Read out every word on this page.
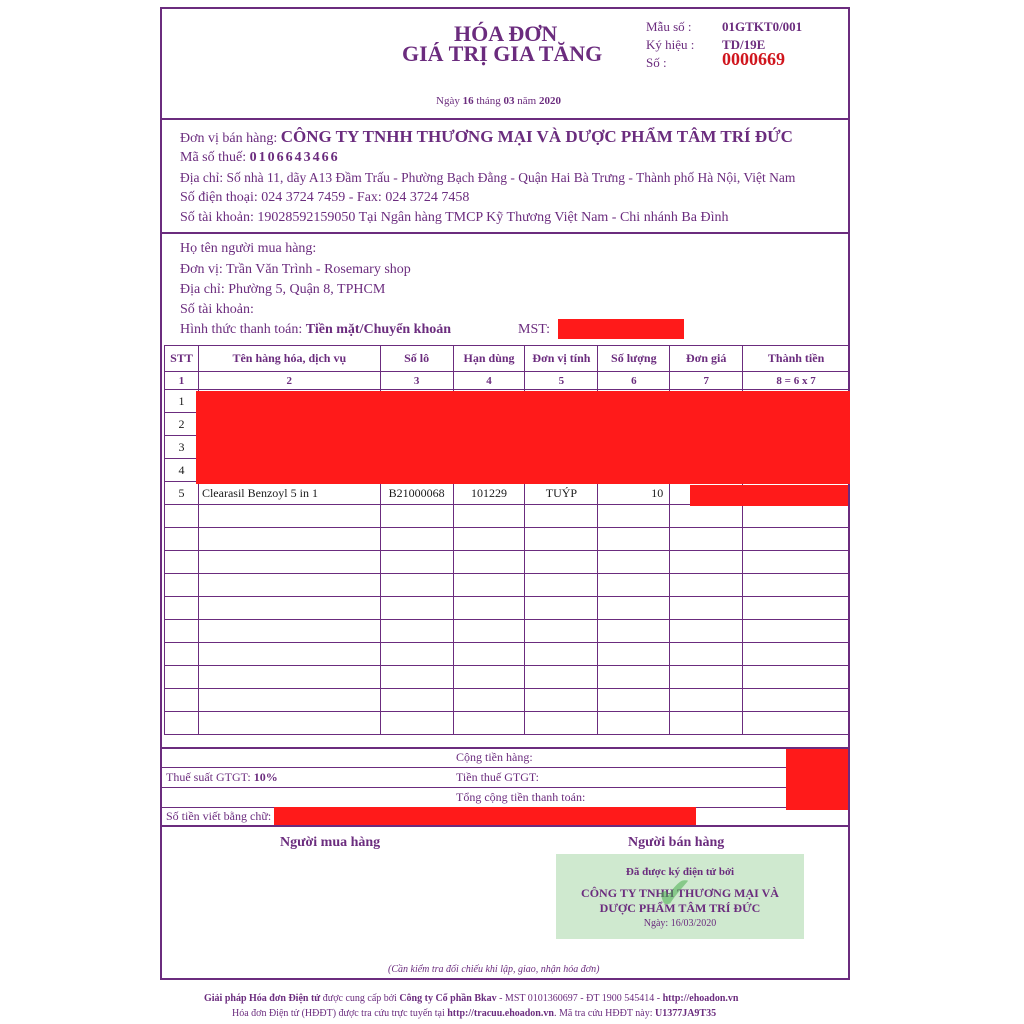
HÓA ĐƠN
GIÁ TRỊ GIA TĂNG
Mẫu số : 01GTKT0/001
Ký hiệu : TD/19E
Số :	0000669
Ngày 16 tháng 03 năm 2020
Đơn vị bán hàng: CÔNG TY TNHH THƯƠNG MẠI VÀ DƯỢC PHẨM TÂM TRÍ ĐỨC
Mã số thuế: 0106643466
Địa chỉ: Số nhà 11, dãy A13 Đầm Trấu - Phường Bạch Đằng - Quận Hai Bà Trưng - Thành phố Hà Nội, Việt Nam
Số điện thoại: 024 3724 7459 - Fax: 024 3724 7458
Số tài khoản: 19028592159050 Tại Ngân hàng TMCP Kỹ Thương Việt Nam - Chi nhánh Ba Đình
Họ tên người mua hàng:
Đơn vị: Trần Văn Trình - Rosemary shop
Địa chỉ: Phường 5, Quận 8, TPHCM
Số tài khoản:
Hình thức thanh toán: Tiền mặt/Chuyển khoản	MST:
STT	Tên hàng hóa, dịch vụ	Số lô	Hạn dùng	Đơn vị tính	Số lượng	Đơn giá	Thành tiền
1	2	3	4	5	6	7	8 = 6 x 7
1							
2							
3							
4							
5	Clearasil Benzoyl 5 in 1	B21000068	101229	TUÝP	10		

Cộng tiền hàng:
Thuế suất GTGT: 10%	Tiền thuế GTGT:
Tổng cộng tiền thanh toán:
Số tiền viết bằng chữ:
Người mua hàng	Người bán hàng
✔
Đã được ký điện tử bởi
CÔNG TY TNHH THƯƠNG MẠI VÀ
DƯỢC PHẨM TÂM TRÍ ĐỨC
Ngày: 16/03/2020
(Cần kiểm tra đối chiếu khi lập, giao, nhận hóa đơn)
Giải pháp Hóa đơn Điện tử được cung cấp bởi Công ty Cổ phần Bkav - MST 0101360697 - ĐT 1900 545414 - http://ehoadon.vn
Hóa đơn Điện tử (HĐĐT) được tra cứu trực tuyến tại http://tracuu.ehoadon.vn. Mã tra cứu HĐĐT này: U1377JA9T35
